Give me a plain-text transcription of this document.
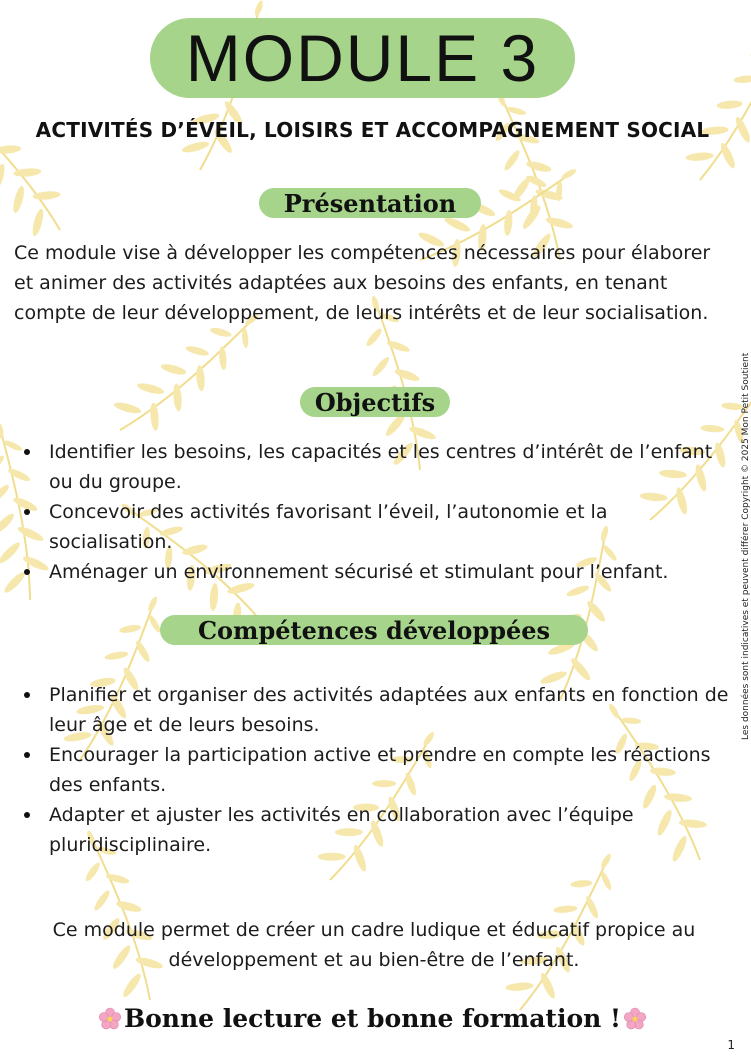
MODULE 3
ACTIVITÉS D’ÉVEIL, LOISIRS ET ACCOMPAGNEMENT SOCIAL
Présentation
Ce module vise à développer les compétences nécessaires pour élaborer et animer des activités adaptées aux besoins des enfants, en tenant compte de leur développement, de leurs intérêts et de leur socialisation.
Objectifs
Identifier les besoins, les capacités et les centres d’intérêt de l’enfant ou du groupe.
Concevoir des activités favorisant l’éveil, l’autonomie et la socialisation.
Aménager un environnement sécurisé et stimulant pour l’enfant.
Compétences développées
Planifier et organiser des activités adaptées aux enfants en fonction de leur âge et de leurs besoins.
Encourager la participation active et prendre en compte les réactions des enfants.
Adapter et ajuster les activités en collaboration avec l’équipe pluridisciplinaire.
Ce module permet de créer un cadre ludique et éducatif propice au développement et au bien-être de l’enfant.
Bonne lecture et bonne formation !
Les données sont indicatives et peuvent différer Copyright © 2025 Mon Petit Soutient
1
